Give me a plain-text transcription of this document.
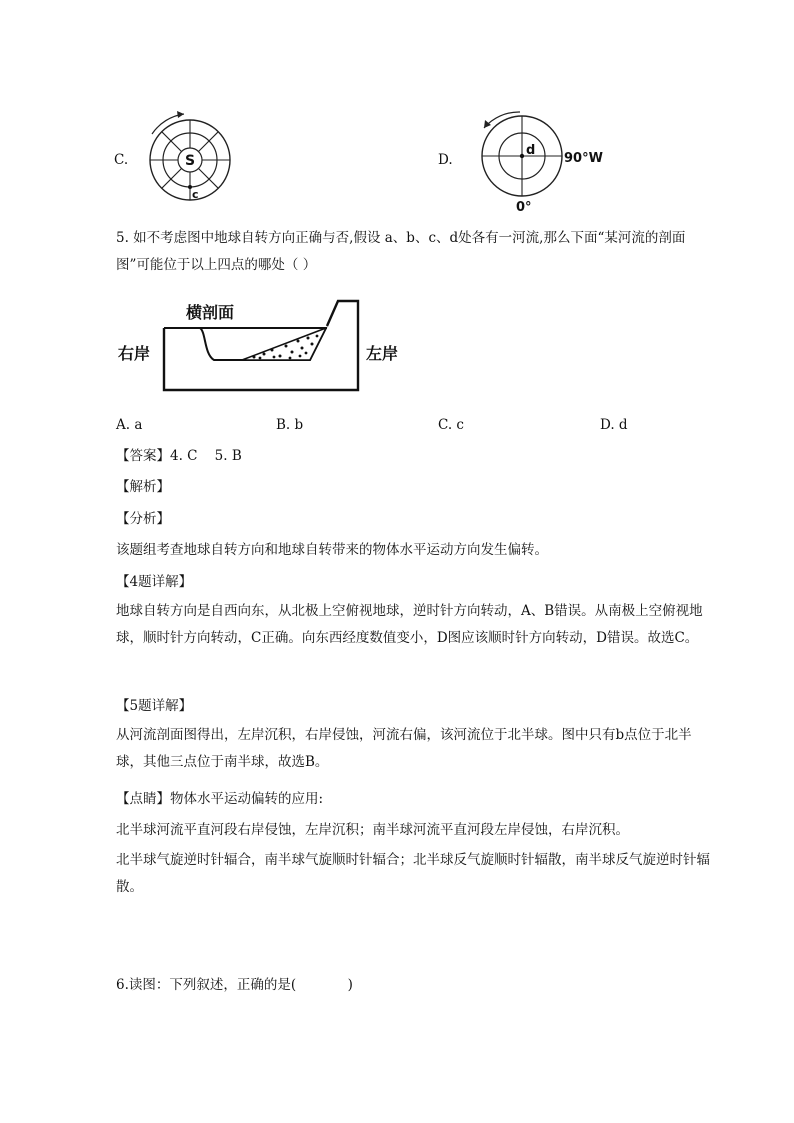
C.	S
c
D.
d
90°W
0°
5. 如不考虑图中地球自转方向正确与否,假设 a、b、c、d处各有一河流,那么下面“某河流的剖面图”可能位于以上四点的哪处（ ）
横剖面
右岸	左岸
A. a	B. b	C. c	D. d
【答案】4. C    5. B
【解析】
【分析】
该题组考查地球自转方向和地球自转带来的物体水平运动方向发生偏转。
【4题详解】
地球自转方向是自西向东，从北极上空俯视地球，逆时针方向转动，A、B错误。从南极上空俯视地球，顺时针方向转动，C正确。向东西经度数值变小，D图应该顺时针方向转动，D错误。故选C。
【5题详解】
从河流剖面图得出，左岸沉积，右岸侵蚀，河流右偏，该河流位于北半球。图中只有b点位于北半球，其他三点位于南半球，故选B。
【点睛】物体水平运动偏转的应用:
北半球河流平直河段右岸侵蚀，左岸沉积；南半球河流平直河段左岸侵蚀，右岸沉积。
北半球气旋逆时针辐合，南半球气旋顺时针辐合；北半球反气旋顺时针辐散，南半球反气旋逆时针辐散。
6.读图：下列叙述，正确的是(            )
